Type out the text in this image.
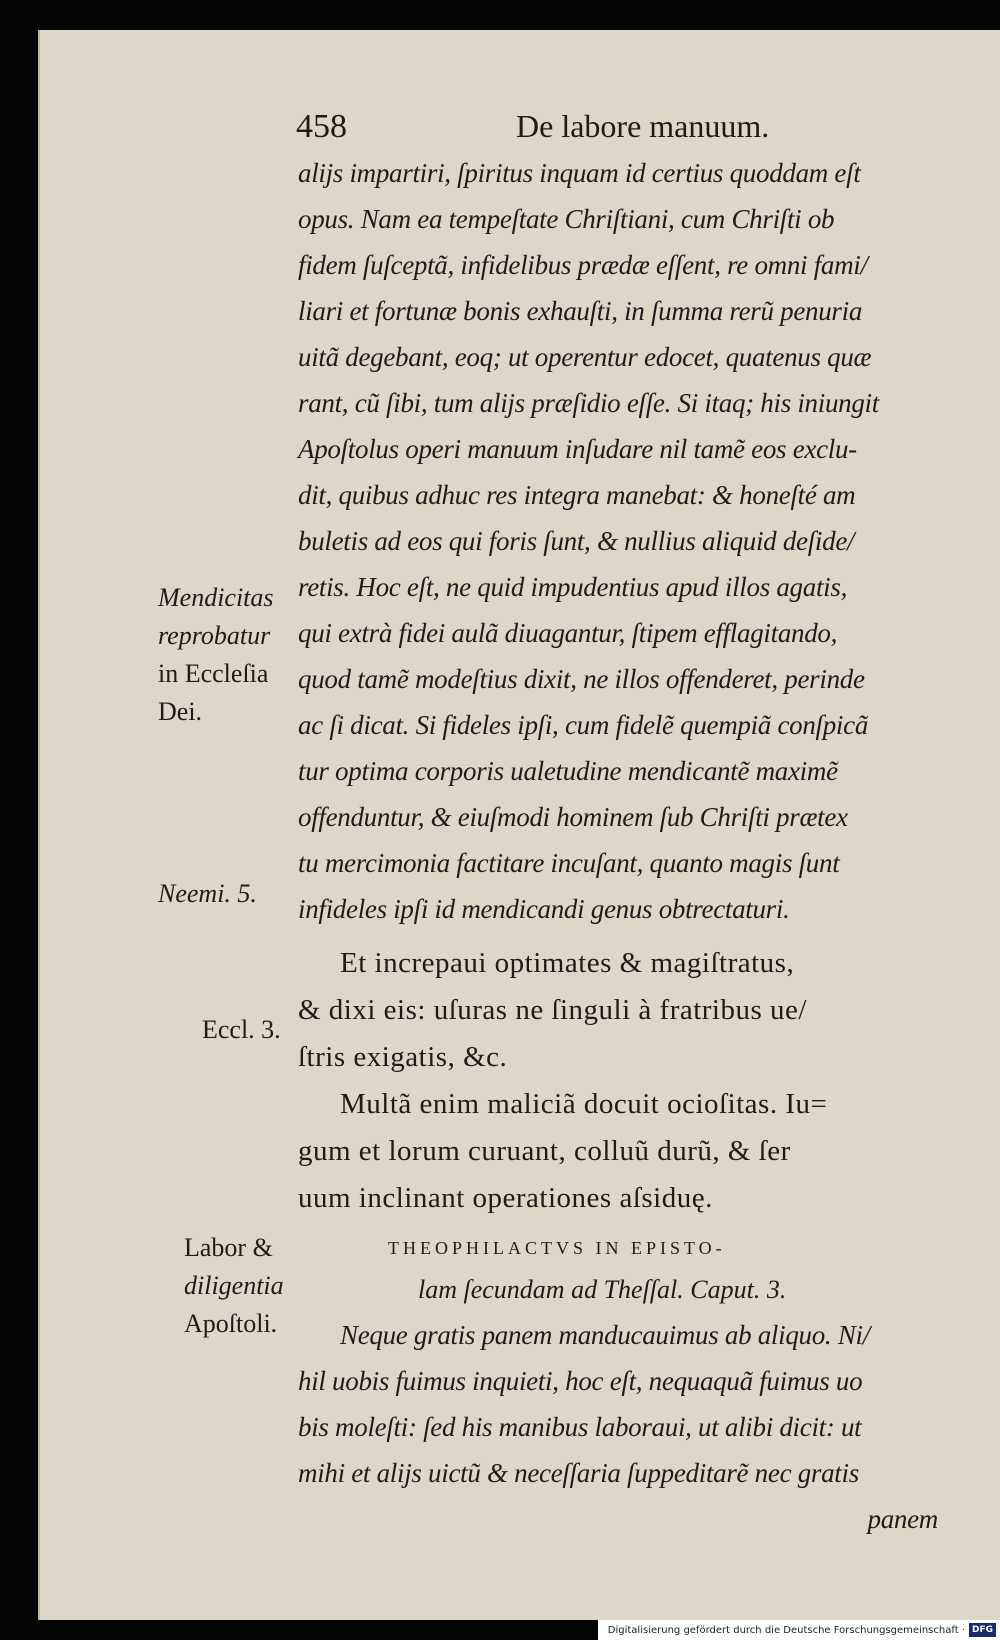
458	De labore manuum.
alijs impartiri, ſpiritus inquam id certius quoddam eſt
opus. Nam ea tempeſtate Chriſtiani, cum Chriſti ob
fidem ſuſceptã, infidelibus prædæ eſſent, re omni fami/
liari et fortunæ bonis exhauſti, in ſumma rerũ penuria
uitã degebant, eoq; ut operentur edocet, quatenus quæ
rant, cũ ſibi, tum alijs præſidio eſſe. Si itaq; his iniungit
Apoſtolus operi manuum inſudare nil tamẽ eos exclu-
dit, quibus adhuc res integra manebat: & honeſté am
buletis ad eos qui foris ſunt, & nullius aliquid deſide/
retis. Hoc eſt, ne quid impudentius apud illos agatis,
qui extrà fidei aulã diuagantur, ſtipem efflagitando,
quod tamẽ modeſtius dixit, ne illos offenderet, perinde
ac ſi dicat. Si fideles ipſi, cum fidelẽ quempiã conſpicã
tur optima corporis ualetudine mendicantẽ maximẽ
offenduntur, & eiuſmodi hominem ſub Chriſti prætex
tu mercimonia factitare incuſant, quanto magis ſunt
infideles ipſi id mendicandi genus obtrectaturi.
Et increpaui optimates & magiſtratus,
& dixi eis: uſuras ne ſinguli à fratribus ue/
ſtris exigatis, &c.
Multã enim maliciã docuit ocioſitas. Iu=
gum et lorum curuant, colluũ durũ, & ſer
uum inclinant operationes aſsiduę.
THEOPHILACTVS IN EPISTO-
lam ſecundam ad Theſſal. Caput. 3.
Neque gratis panem manducauimus ab aliquo. Ni/
hil uobis fuimus inquieti, hoc eſt, nequaquã fuimus uo
bis moleſti: ſed his manibus laboraui, ut alibi dicit: ut
mihi et alijs uictũ & neceſſaria ſuppeditarẽ nec gratis
panem
Mendicitas
reprobatur
in Eccleſia
Dei.
Neemi. 5.
Eccl. 3.
Labor &
diligentia
Apoſtoli.
Digitalisierung gefördert durch die Deutsche Forschungsgemeinschaft · DFG
